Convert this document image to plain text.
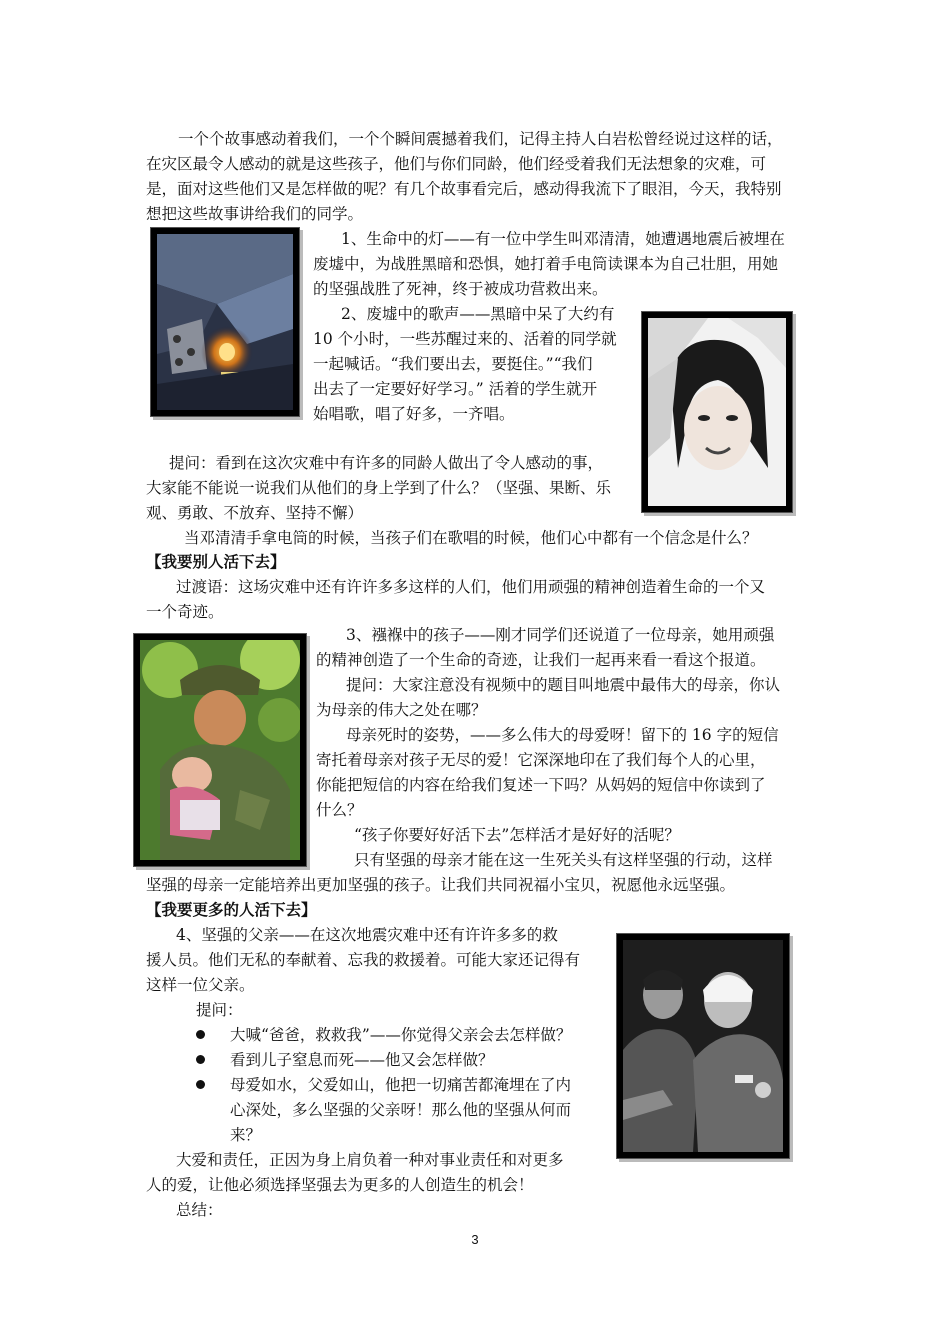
一个个故事感动着我们，一个个瞬间震撼着我们，记得主持人白岩松曾经说过这样的话，

在灾区最令人感动的就是这些孩子，他们与你们同龄，他们经受着我们无法想象的灾难，可

是，面对这些他们又是怎样做的呢？有几个故事看完后，感动得我流下了眼泪，今天，我特别

想把这些故事讲给我们的同学。

1、生命中的灯——有一位中学生叫邓清清，她遭遇地震后被埋在

废墟中，为战胜黑暗和恐惧，她打着手电筒读课本为自己壮胆，用她

的坚强战胜了死神，终于被成功营救出来。

2、废墟中的歌声——黑暗中呆了大约有

10 个小时，一些苏醒过来的、活着的同学就

一起喊话。“我们要出去，要挺住。”“我们

出去了一定要好好学习。” 活着的学生就开

始唱歌，唱了好多，一齐唱。

提问：看到在这次灾难中有许多的同龄人做出了令人感动的事，

大家能不能说一说我们从他们的身上学到了什么？（坚强、果断、乐

观、勇敢、不放弃、坚持不懈）

当邓清清手拿电筒的时候，当孩子们在歌唱的时候，他们心中都有一个信念是什么？

【我要别人活下去】

过渡语：这场灾难中还有许许多多这样的人们，他们用顽强的精神创造着生命的一个又

一个奇迹。

3、襁褓中的孩子——刚才同学们还说道了一位母亲，她用顽强

的精神创造了一个生命的奇迹，让我们一起再来看一看这个报道。

提问：大家注意没有视频中的题目叫地震中最伟大的母亲，你认

为母亲的伟大之处在哪？

母亲死时的姿势，——多么伟大的母爱呀！留下的 16 字的短信

寄托着母亲对孩子无尽的爱！它深深地印在了我们每个人的心里，

你能把短信的内容在给我们复述一下吗？从妈妈的短信中你读到了

什么？

“孩子你要好好活下去”怎样活才是好好的活呢？

只有坚强的母亲才能在这一生死关头有这样坚强的行动，这样

坚强的母亲一定能培养出更加坚强的孩子。让我们共同祝福小宝贝，祝愿他永远坚强。

【我要更多的人活下去】

4、坚强的父亲——在这次地震灾难中还有许许多多的救

援人员。他们无私的奉献着、忘我的救援着。可能大家还记得有

这样一位父亲。

提问：

大喊“爸爸，救救我”——你觉得父亲会去怎样做？

看到儿子窒息而死——他又会怎样做？

母爱如水，父爱如山，他把一切痛苦都淹埋在了内

心深处，多么坚强的父亲呀！那么他的坚强从何而

来？

大爱和责任，正因为身上肩负着一种对事业责任和对更多

人的爱，让他必须选择坚强去为更多的人创造生的机会！

总结：

3
